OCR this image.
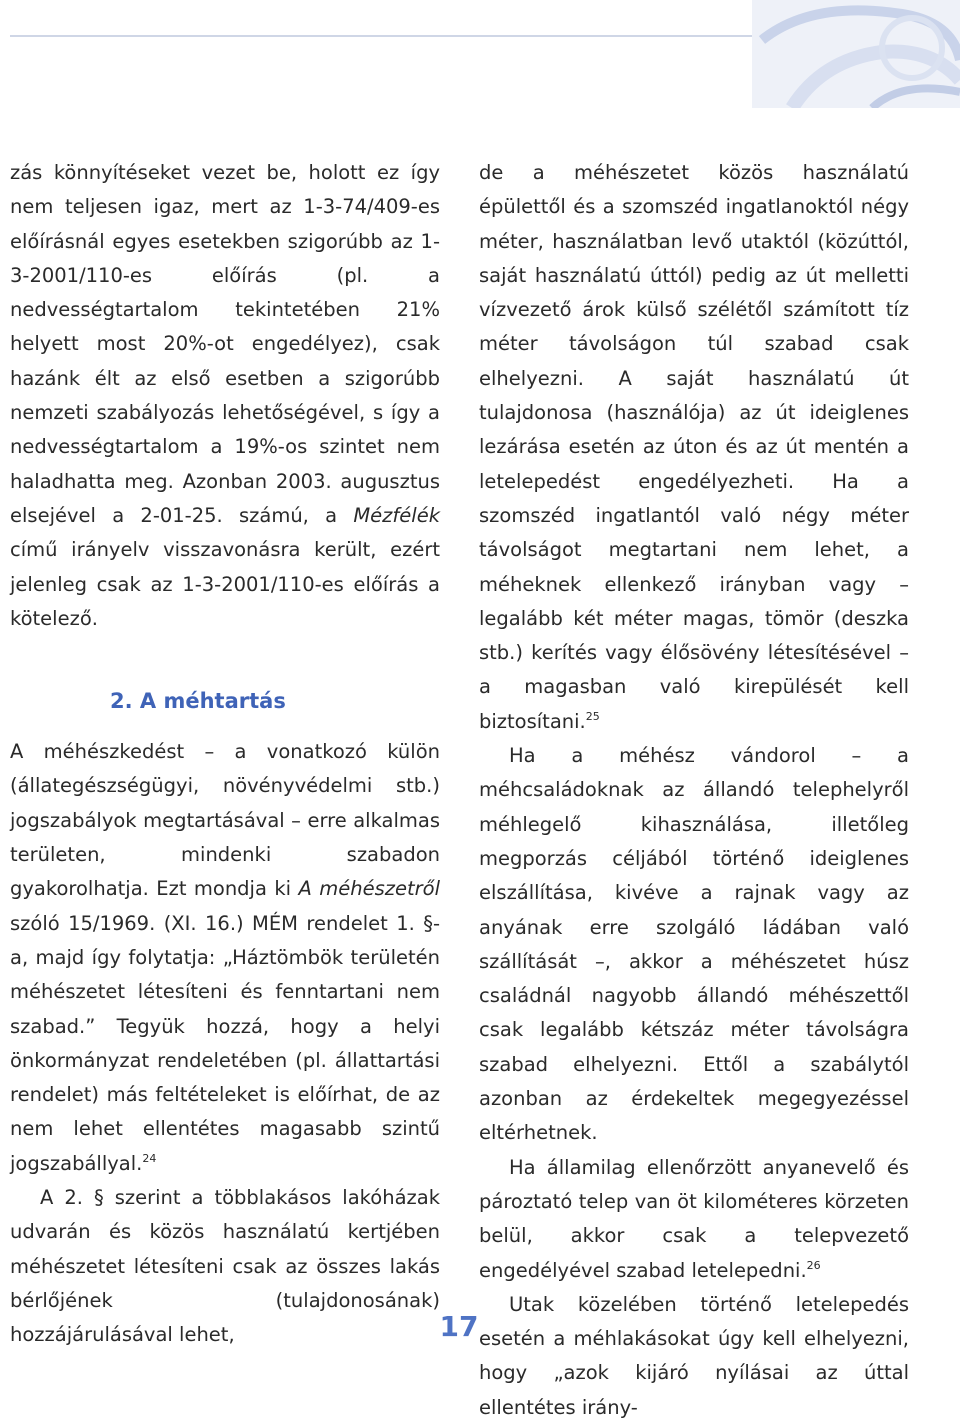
zás könnyítéseket vezet be, holott ez így nem teljesen igaz, mert az 1-3-74/409-es előírásnál egyes esetekben szigorúbb az 1-3-2001/110-es előírás (pl. a nedvességtartalom tekintetében 21% helyett most 20%-ot engedélyez), csak hazánk élt az első esetben a szigorúbb nemzeti szabályozás lehetőségével, s így a nedvességtartalom a 19%-os szintet nem haladhatta meg. Azonban 2003. augusztus elsejével a 2-01-25. számú, a Mézfélék című irányelv visszavonásra került, ezért jelenleg csak az 1-3-2001/110-es előírás a kötelező.

2. A méhtartás

A méhészkedést – a vonatkozó külön (állategészségügyi, növényvédelmi stb.) jogszabályok megtartásával – erre alkalmas területen, mindenki szabadon gyakorolhatja. Ezt mondja ki A méhészetről szóló 15/1969. (XI. 16.) MÉM rendelet 1. §-a, majd így folytatja: „Háztömbök területén méhészetet létesíteni és fenntartani nem szabad.” Tegyük hozzá, hogy a helyi önkormányzat rendeletében (pl. állattartási rendelet) más feltételeket is előírhat, de az nem lehet ellentétes magasabb szintű jogszabállyal.$^{24}$

A 2. § szerint a többlakásos lakóházak udvarán és közös használatú kertjében méhészetet létesíteni csak az összes lakás bérlőjének (tulajdonosának) hozzájárulásával lehet,

de a méhészetet közös használatú épülettől és a szomszéd ingatlanoktól négy méter, használatban levő utaktól (közúttól, saját használatú úttól) pedig az út melletti vízvezető árok külső szélétől számított tíz méter távolságon túl szabad csak elhelyezni. A saját használatú út tulajdonosa (használója) az út ideiglenes lezárása esetén az úton és az út mentén a letelepedést engedélyezheti. Ha a szomszéd ingatlantól való négy méter távolságot megtartani nem lehet, a méheknek ellenkező irányban vagy – legalább két méter magas, tömör (deszka stb.) kerítés vagy élősövény létesítésével – a magasban való kirepülését kell biztosítani.$^{25}$

Ha a méhész vándorol – a méhcsaládoknak az állandó telephelyről méhlegelő kihasználása, illetőleg megporzás céljából történő ideiglenes elszállítása, kivéve a rajnak vagy az anyának erre szolgáló ládában való szállítását –, akkor a méhészetet húsz családnál nagyobb állandó méhészettől csak legalább kétszáz méter távolságra szabad elhelyezni. Ettől a szabálytól azonban az érdekeltek megegyezéssel eltérhetnek.

Ha államilag ellenőrzött anyanevelő és pároztató telep van öt kilométeres körzeten belül, akkor csak a telepvezető engedélyével szabad letelepedni.$^{26}$

Utak közelében történő letelepedés esetén a méhlakásokat úgy kell elhelyezni, hogy „azok kijáró nyílásai az úttal ellentétes irány-

17
